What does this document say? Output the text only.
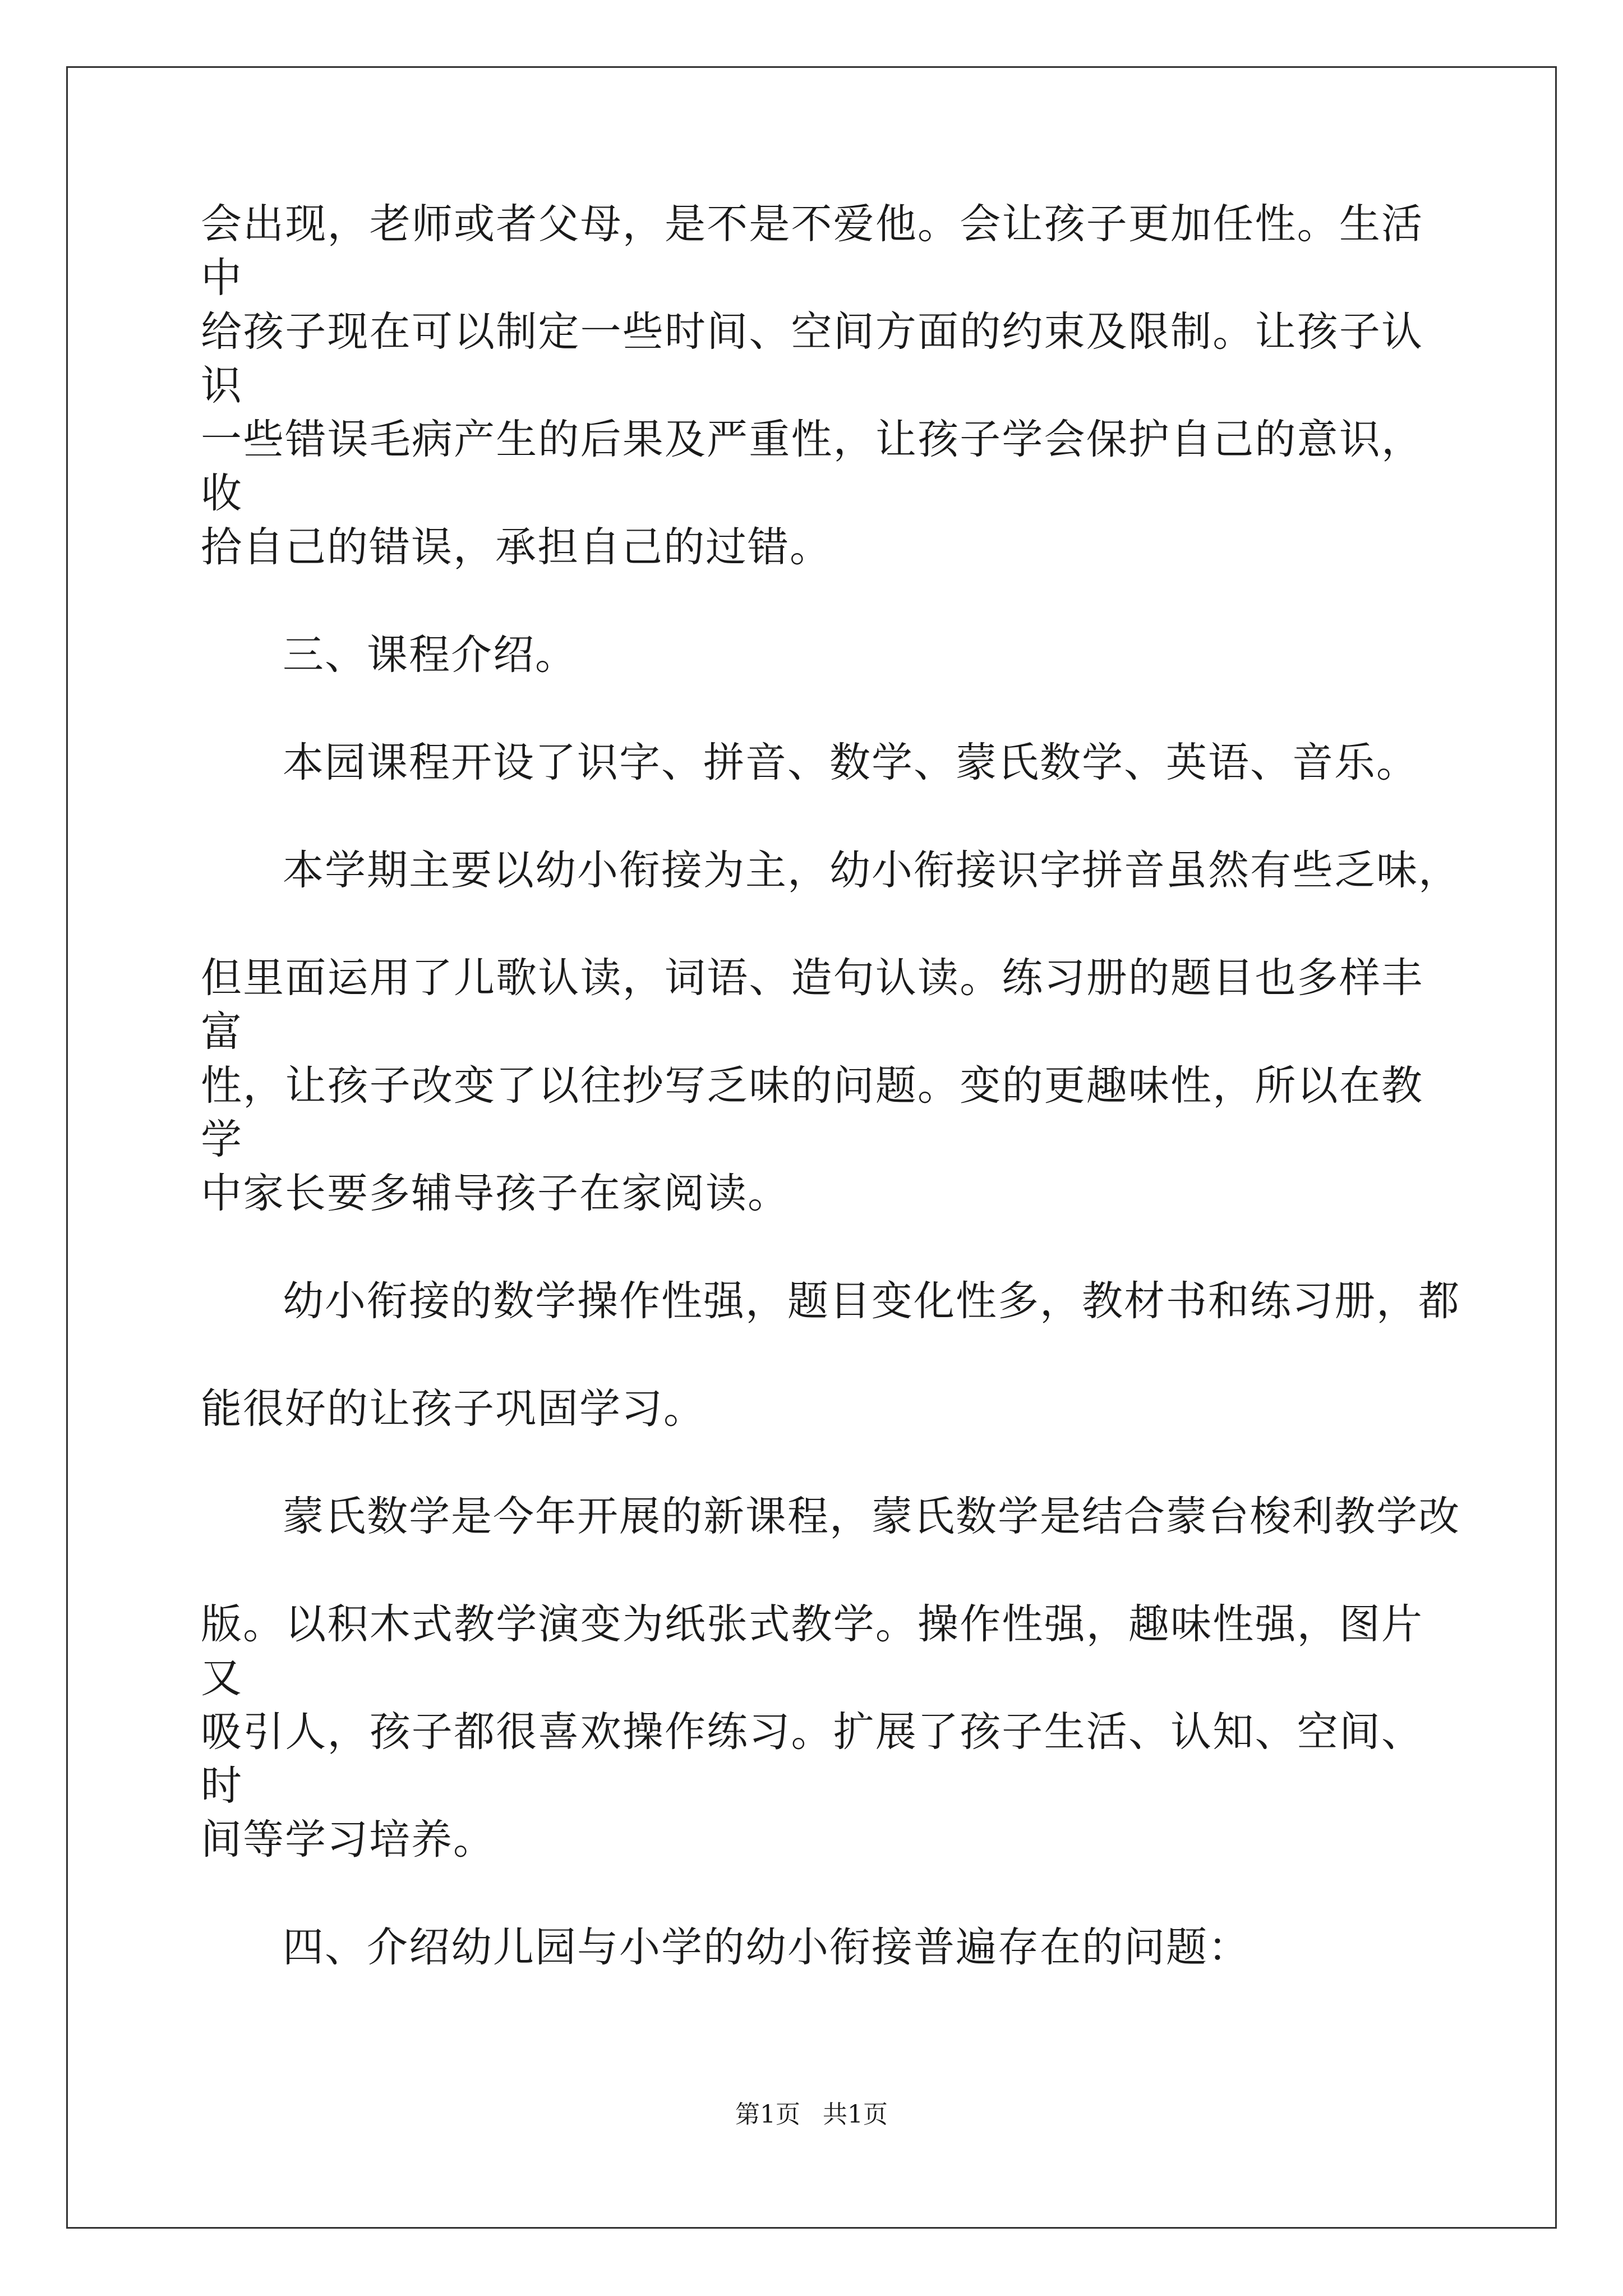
会出现，老师或者父母，是不是不爱他。会让孩子更加任性。生活中
给孩子现在可以制定一些时间、空间方面的约束及限制。让孩子认识
一些错误毛病产生的后果及严重性，让孩子学会保护自己的意识，收
拾自己的错误，承担自己的过错。
三、课程介绍。
本园课程开设了识字、拼音、数学、蒙氏数学、英语、音乐。
本学期主要以幼小衔接为主，幼小衔接识字拼音虽然有些乏味，
但里面运用了儿歌认读，词语、造句认读。练习册的题目也多样丰富
性，让孩子改变了以往抄写乏味的问题。变的更趣味性，所以在教学
中家长要多辅导孩子在家阅读。
幼小衔接的数学操作性强，题目变化性多，教材书和练习册，都
能很好的让孩子巩固学习。
蒙氏数学是今年开展的新课程，蒙氏数学是结合蒙台梭利教学改
版。以积木式教学演变为纸张式教学。操作性强，趣味性强，图片又
吸引人，孩子都很喜欢操作练习。扩展了孩子生活、认知、空间、时
间等学习培养。
四、介绍幼儿园与小学的幼小衔接普遍存在的问题：
第1页 共1页
